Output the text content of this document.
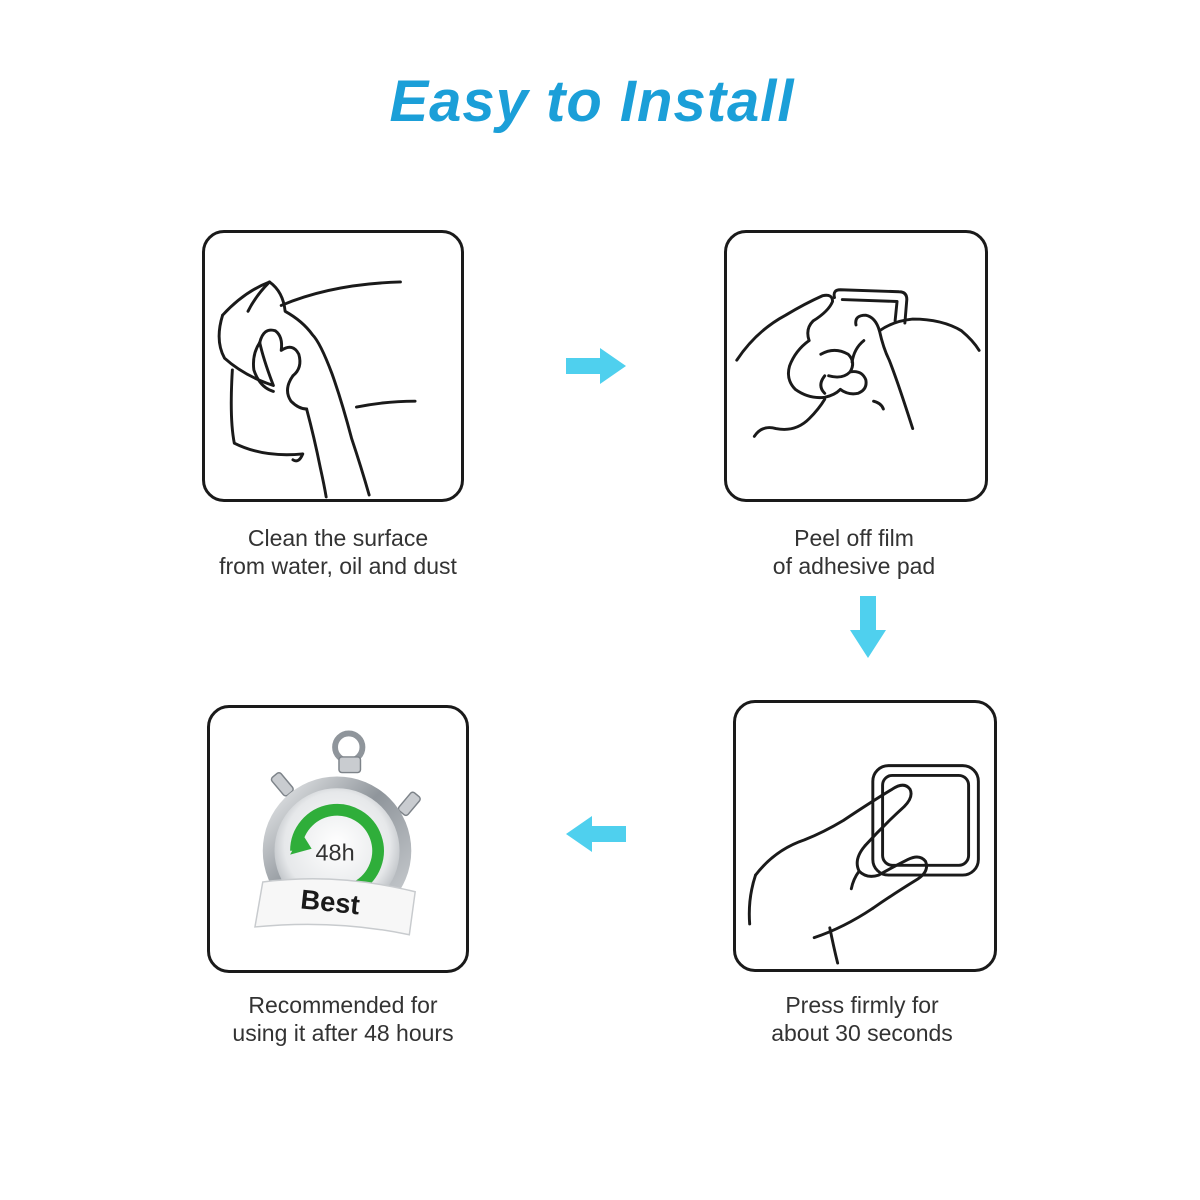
Easy to Install
Clean the surface
from water, oil and dust
Peel off film
of adhesive pad
Press firmly for
about 30 seconds
48h
Best
Recommended for
using it after 48 hours
